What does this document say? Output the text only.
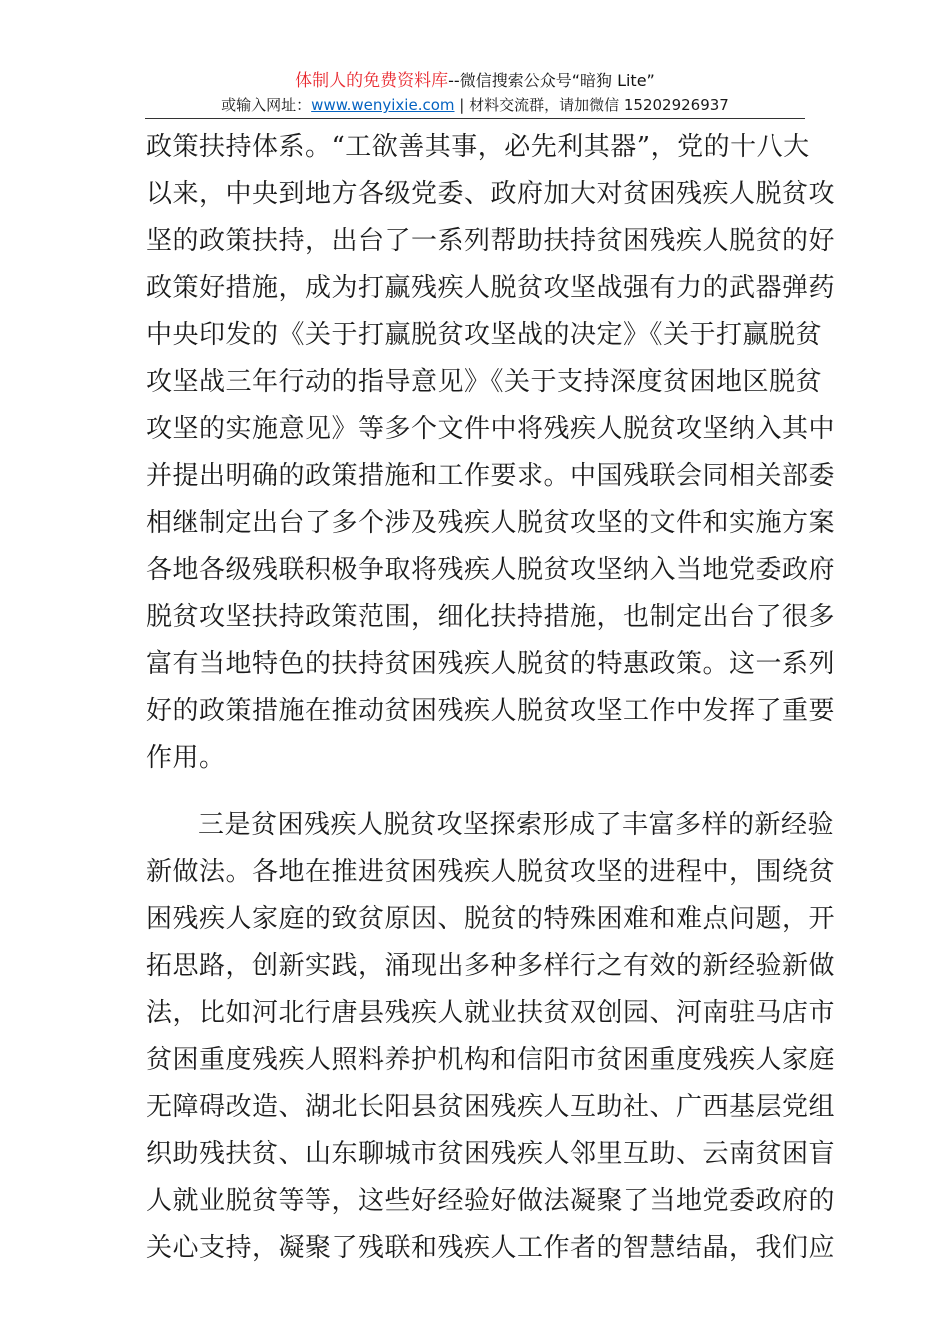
体制人的免费资料库--微信搜索公众号“暗狗 Lite”
或输入网址：www.wenyixie.com | 材料交流群，请加微信 15202926937
政策扶持体系。“工欲善其事，必先利其器”，党的十八大
以来，中央到地方各级党委、政府加大对贫困残疾人脱贫攻
坚的政策扶持，出台了一系列帮助扶持贫困残疾人脱贫的好
政策好措施，成为打赢残疾人脱贫攻坚战强有力的武器弹药
中央印发的《关于打赢脱贫攻坚战的决定》《关于打赢脱贫
攻坚战三年行动的指导意见》《关于支持深度贫困地区脱贫
攻坚的实施意见》等多个文件中将残疾人脱贫攻坚纳入其中
并提出明确的政策措施和工作要求。中国残联会同相关部委
相继制定出台了多个涉及残疾人脱贫攻坚的文件和实施方案
各地各级残联积极争取将残疾人脱贫攻坚纳入当地党委政府
脱贫攻坚扶持政策范围，细化扶持措施，也制定出台了很多
富有当地特色的扶持贫困残疾人脱贫的特惠政策。这一系列
好的政策措施在推动贫困残疾人脱贫攻坚工作中发挥了重要
作用。
三是贫困残疾人脱贫攻坚探索形成了丰富多样的新经验
新做法。各地在推进贫困残疾人脱贫攻坚的进程中，围绕贫
困残疾人家庭的致贫原因、脱贫的特殊困难和难点问题，开
拓思路，创新实践，涌现出多种多样行之有效的新经验新做
法，比如河北行唐县残疾人就业扶贫双创园、河南驻马店市
贫困重度残疾人照料养护机构和信阳市贫困重度残疾人家庭
无障碍改造、湖北长阳县贫困残疾人互助社、广西基层党组
织助残扶贫、山东聊城市贫困残疾人邻里互助、云南贫困盲
人就业脱贫等等，这些好经验好做法凝聚了当地党委政府的
关心支持，凝聚了残联和残疾人工作者的智慧结晶，我们应
